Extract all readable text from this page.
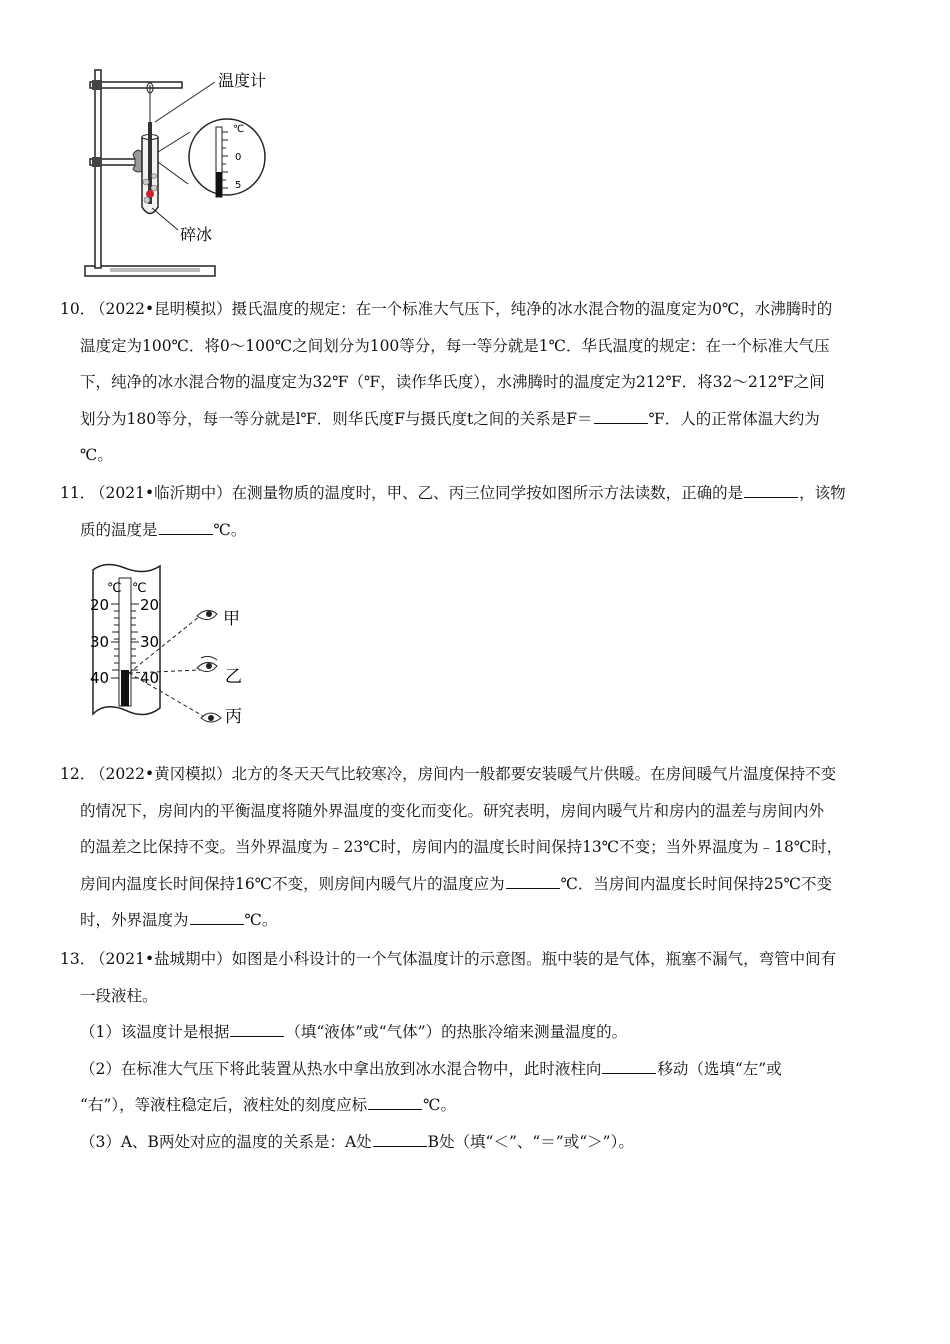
℃
0
5
温度计
碎冰
10．（2022•昆明模拟）摄氏温度的规定：在一个标准大气压下，纯净的冰水混合物的温度定为0℃，水沸腾时的
温度定为100℃．将0～100℃之间划分为100等分，每一等分就是1℃．华氏温度的规定：在一个标准大气压
下，纯净的冰水混合物的温度定为32℉（℉，读作华氏度），水沸腾时的温度定为212℉．将32～212℉之间
划分为180等分，每一等分就是l℉．则华氏度F与摄氏度t之间的关系是F＝	℉．人的正常体温大约为
℃。
11．（2021•临沂期中）在测量物质的温度时，甲、乙、丙三位同学按如图所示方法读数，正确的是	，该物
质的温度是	℃。
℃ ℃
20 20
30 30
40 40
甲
乙
丙
12．（2022•黄冈模拟）北方的冬天天气比较寒冷，房间内一般都要安装暖气片供暖。在房间暖气片温度保持不变
的情况下，房间内的平衡温度将随外界温度的变化而变化。研究表明，房间内暖气片和房内的温差与房间内外
的温差之比保持不变。当外界温度为﹣23℃时，房间内的温度长时间保持13℃不变；当外界温度为﹣18℃时，
房间内温度长时间保持16℃不变，则房间内暖气片的温度应为	℃．当房间内温度长时间保持25℃不变
时，外界温度为	℃。
13．（2021•盐城期中）如图是小科设计的一个气体温度计的示意图。瓶中装的是气体，瓶塞不漏气，弯管中间有
一段液柱。
（1）该温度计是根据	（填“液体”或“气体”）的热胀冷缩来测量温度的。
（2）在标准大气压下将此装置从热水中拿出放到冰水混合物中，此时液柱向	移动（选填“左”或
“右”），等液柱稳定后，液柱处的刻度应标	℃。
（3）A、B两处对应的温度的关系是：A处	B处（填“＜”、“＝”或“＞”）。
